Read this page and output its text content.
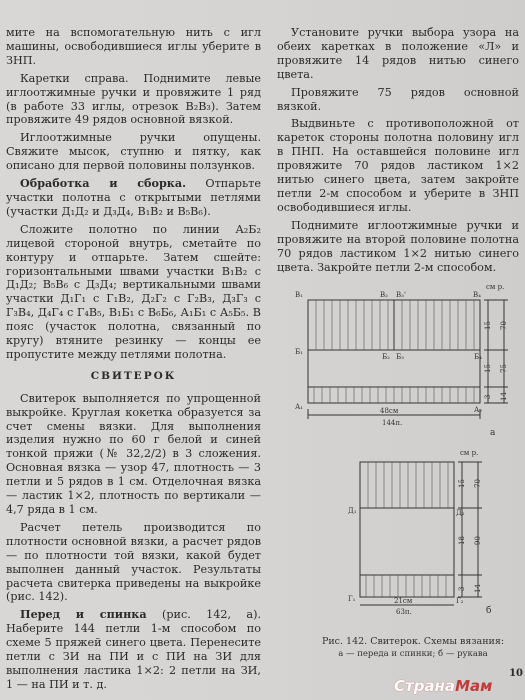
мите на вспомогательную нить с игл машины, освободившиеся иглы уберите в ЗНП.

Каретки справа. Поднимите левые иглоотжимные ручки и провяжите 1 ряд (в работе 33 иглы, отрезок В₂В₃). Затем провяжите 49 рядов основной вязкой.

Иглоотжимные ручки опущены. Свяжите мысок, ступню и пятку, как описано для первой половины ползунков.

Обработка и сборка. Отпарьте участки полотна с открытыми петлями (участки Д₁Д₂ и Д₃Д₄, В₁В₂ и В₅В₆).

Сложите полотно по линии А₂Б₂ лицевой стороной внутрь, сметайте по контуру и отпарьте. Затем сшейте: горизонтальными швами участки В₁В₂ с Д₁Д₂; В₅В₆ с Д₃Д₄; вертикальными швами участки Д₁Г₁ с Г₁В₂, Д₂Г₂ с Г₂В₃, Д₃Г₃ с Г₃В₄, Д₄Г₄ с Г₄В₅, В₁Б₁ с В₆Б₆, А₁Б₁ с А₅Б₅. В пояс (участок полотна, связанный по кругу) втяните резинку — концы ее пропустите между петлями полотна.

СВИТЕРОК

Свитерок выполняется по упрощенной выкройке. Круглая кокетка образуется за счет смены вязки. Для выполнения изделия нужно по 60 г белой и синей тонкой пряжи (№ 32,2/2) в 3 сложения. Основная вязка — узор 47, плотность — 3 петли и 5 рядов в 1 см. Отделочная вязка — ластик 1×2, плотность по вертикали — 4,7 ряда в 1 см.

Расчет петель производится по плотности основной вязки, а расчет рядов — по плотности той вязки, какой будет выполнен данный участок. Результаты расчета свитерка приведены на выкройке (рис. 142).

Перед и спинка (рис. 142, а). Наберите 144 петли 1-м способом по схеме 5 пряжей синего цвета. Перенесите петли с ЗИ на ПИ и с ПИ на ЗИ для выполнения ластика 1×2: 2 петли на ЗИ, 1 — на ПИ и т. д.

Установите ручки выбора узора на обеих каретках в положение «Л» и провяжите 14 рядов нитью синего цвета.

Провяжите 75 рядов основной вязкой.

Выдвиньте с противоположной от кареток стороны полотна половину игл в ПНП. На оставшейся половине игл провяжите 70 рядов ластиком 1×2 нитью синего цвета, затем закройте петли 2-м способом и уберите в ЗНП освободившиеся иглы.

Поднимите иглоотжимные ручки и провяжите на второй половине полотна 70 рядов ластиком 1×2 нитью синего цвета. Закройте петли 2-м способом.

В₁	В₂ В₃'	В₄
Б₁
Б₂ Б₃	Б₄
А₁	А₂
см р.
15 70
15 75
3 14
48см
144п.
а
Д₁	Д₂
Г₁	Г₂
см р.
15 70
18 90
3 14
21см
63п.	б
Рис. 142. Свитерок. Схемы вязания:
а — переда и спинки; б — рукава
10
СтранаМам
